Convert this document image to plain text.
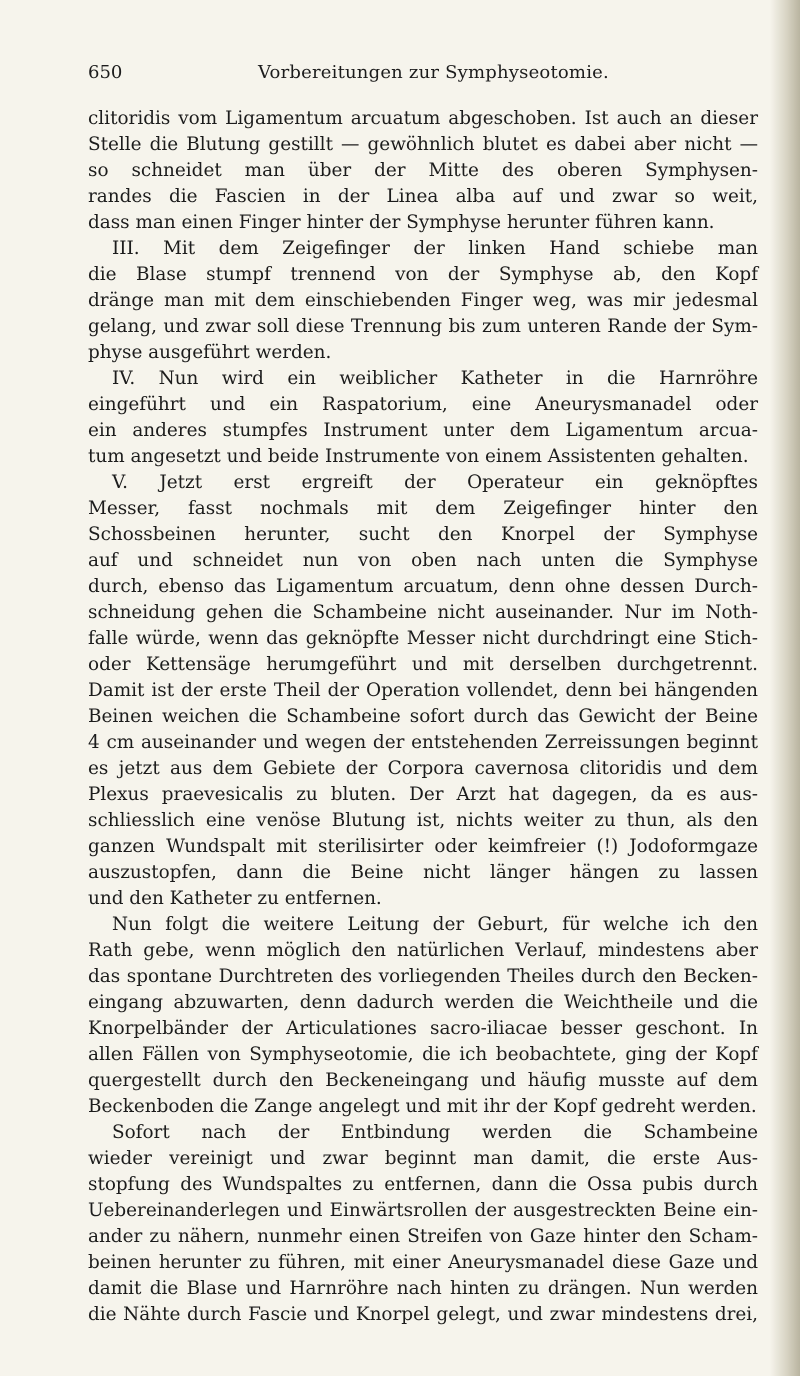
650	Vorbereitungen zur Symphyseotomie.
clitoridis vom Ligamentum arcuatum abgeschoben. Ist auch an dieser
Stelle die Blutung gestillt — gewöhnlich blutet es dabei aber nicht —
so schneidet man über der Mitte des oberen Symphysen-
randes die Fascien in der Linea alba auf und zwar so weit,
dass man einen Finger hinter der Symphyse herunter führen kann.
III. Mit dem Zeigefinger der linken Hand schiebe man
die Blase stumpf trennend von der Symphyse ab, den Kopf
dränge man mit dem einschiebenden Finger weg, was mir jedesmal
gelang, und zwar soll diese Trennung bis zum unteren Rande der Sym-
physe ausgeführt werden.
IV. Nun wird ein weiblicher Katheter in die Harnröhre
eingeführt und ein Raspatorium, eine Aneurysmanadel oder
ein anderes stumpfes Instrument unter dem Ligamentum arcua-
tum angesetzt und beide Instrumente von einem Assistenten gehalten.
V. Jetzt erst ergreift der Operateur ein geknöpftes
Messer, fasst nochmals mit dem Zeigefinger hinter den
Schossbeinen herunter, sucht den Knorpel der Symphyse
auf und schneidet nun von oben nach unten die Symphyse
durch, ebenso das Ligamentum arcuatum, denn ohne dessen Durch-
schneidung gehen die Schambeine nicht auseinander. Nur im Noth-
falle würde, wenn das geknöpfte Messer nicht durchdringt eine Stich-
oder Kettensäge herumgeführt und mit derselben durchgetrennt.
Damit ist der erste Theil der Operation vollendet, denn bei hängenden
Beinen weichen die Schambeine sofort durch das Gewicht der Beine
4 cm auseinander und wegen der entstehenden Zerreissungen beginnt
es jetzt aus dem Gebiete der Corpora cavernosa clitoridis und dem
Plexus praevesicalis zu bluten. Der Arzt hat dagegen, da es aus-
schliesslich eine venöse Blutung ist, nichts weiter zu thun, als den
ganzen Wundspalt mit sterilisirter oder keimfreier (!) Jodoformgaze
auszustopfen, dann die Beine nicht länger hängen zu lassen
und den Katheter zu entfernen.
Nun folgt die weitere Leitung der Geburt, für welche ich den
Rath gebe, wenn möglich den natürlichen Verlauf, mindestens aber
das spontane Durchtreten des vorliegenden Theiles durch den Becken-
eingang abzuwarten, denn dadurch werden die Weichtheile und die
Knorpelbänder der Articulationes sacro-iliacae besser geschont. In
allen Fällen von Symphyseotomie, die ich beobachtete, ging der Kopf
quergestellt durch den Beckeneingang und häufig musste auf dem
Beckenboden die Zange angelegt und mit ihr der Kopf gedreht werden.
Sofort nach der Entbindung werden die Schambeine
wieder vereinigt und zwar beginnt man damit, die erste Aus-
stopfung des Wundspaltes zu entfernen, dann die Ossa pubis durch
Uebereinanderlegen und Einwärtsrollen der ausgestreckten Beine ein-
ander zu nähern, nunmehr einen Streifen von Gaze hinter den Scham-
beinen herunter zu führen, mit einer Aneurysmanadel diese Gaze und
damit die Blase und Harnröhre nach hinten zu drängen. Nun werden
die Nähte durch Fascie und Knorpel gelegt, und zwar mindestens drei,
